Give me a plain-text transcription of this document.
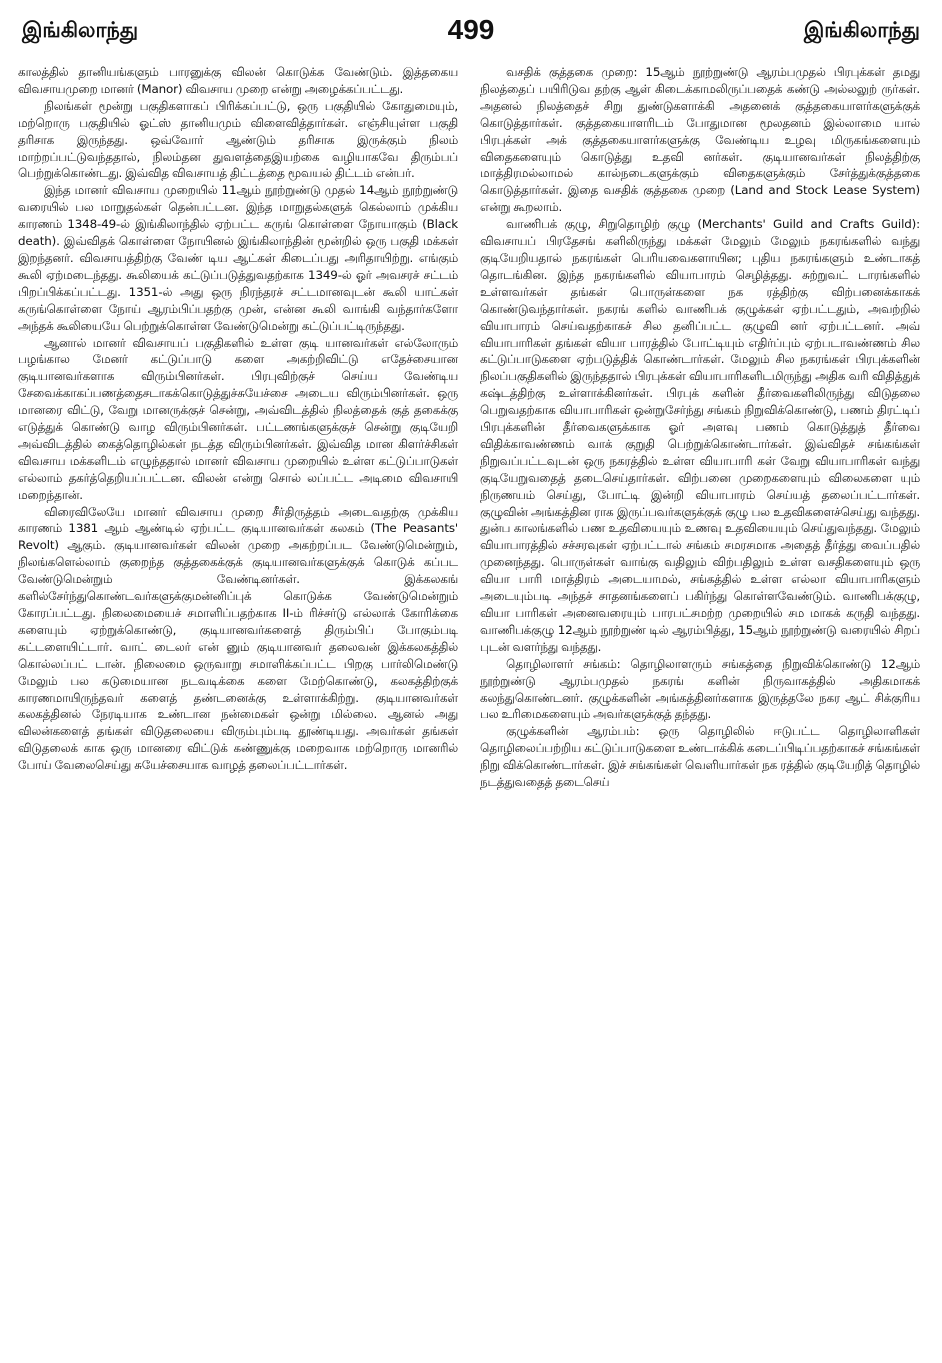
இங்கிலாந்து	499	இங்கிலாந்து

காலத்தில் தானியங்களும் பாரனுக்கு விலன் கொடுக்க வேண்டும். இத்தகைய விவசாயமுறை மானர் (Manor) விவசாய முறை என்று அழைக்கப்பட்டது.

நிலங்கள் மூன்று பகுதிகளாகப் பிரிக்கப்பட்டு, ஒரு பகுதியில் கோதுமையும், மற்றொரு பகுதியில் ஓட்ஸ் தானியமும் விளைவித்தார்கள். எஞ்சியுள்ள பகுதி தரிசாக இருந்தது. ஒவ்வோர் ஆண்டும் தரிசாக இருக்கும் நிலம் மாற்றப்பட்டுவந்ததால், நிலம்தன துவளத்தைஇயற்கை வழியாகவே திரும்பப் பெற்றுக்கொண்டது. இவ்வித விவசாயத் திட்டத்தை மூவயல் திட்டம் என்பர்.

இந்த மானர் விவசாய முறையில் 11ஆம் நூற்றுண்டு முதல் 14ஆம் நூற்றுண்டு வரையில் பல மாறுதல்கள் தென்பட்டன. இந்த மாறுதல்களுக் கெல்லாம் முக்கிய காரணம் 1348-49-ல் இங்கிலாந்தில் ஏற்பட்ட கருங் கொள்ளை நோயாகும் (Black death). இவ்விதக் கொள்ளை நோயினல் இங்கிலாந்தின் மூன்றில் ஒரு பகுதி மக்கள் இறந்தனர். விவசாயத்திற்கு வேண் டிய ஆட்கள் கிடைப்பது அரிதாயிற்று. எங்கும் கூலி ஏற்மடைந்தது. கூலியைக் கட்டுப்படுத்துவதற்காக 1349-ல் ஓர் அவசரச் சட்டம் பிறப்பிக்கப்பட்டது. 1351-ல் அது ஒரு நிரந்தரச் சட்டமானவுடன் கூலி யாட்கள் கருங்கொள்ளை நோய் ஆரம்பிப்பதற்கு முன், என்ன கூலி வாங்கி வந்தார்களோ அந்தக் கூலியையே பெற்றுக்கொள்ள வேண்டுமென்று கட்டுப்பட்டிருந்தது.

ஆனால் மானர் விவசாயப் பகுதிகளில் உள்ள குடி யானவர்கள் எல்லோரும் பழங்கால மேனர் கட்டுப்பாடு களை அகற்றிவிட்டு எதேச்சையான குடியானவர்களாக விரும்பினர்கள். பிரபுவிற்குச் செய்ய வேண்டிய சேவைக்காகப்பணத்தைசடாகக்கொடுத்துச்சுயேச்சை அடைய விரும்பினர்கள். ஒரு மானரை விட்டு, வேறு மானருக்குச் சென்று, அவ்விடத்தில் நிலத்தைக் குத் தகைக்கு எடுத்துக் கொண்டு வாழ விரும்பினர்கள். பட்டணங்களுக்குச் சென்று குடியேறி அவ்விடத்தில் கைத்தொழில்கள் நடத்த விரும்பினர்கள். இவ்வித மான கிளர்ச்சிகள் விவசாய மக்களிடம் எழுந்ததால் மானர் விவசாய முறையில் உள்ள கட்டுப்பாடுகள் எல்லாம் தகர்த்தெறியப்பட்டன. விலன் என்று சொல் லப்பட்ட அடிமை விவசாயி மறைந்தான்.

விரைவிலேயே மானர் விவசாய முறை சீர்திருத்தம் அடைவதற்கு முக்கிய காரணம் 1381 ஆம் ஆண்டில் ஏற்பட்ட குடியானவர்கள் கலகம் (The Peasants' Revolt) ஆகும். குடியானவர்கள் விலன் முறை அகற்றப்பட வேண்டுமென்றும், நிலங்களெல்லாம் குறைந்த குத்தகைக்குக் குடியானவர்களுக்குக் கொடுக் கப்பட வேண்டுமென்றும் வேண்டினர்கள். இக்கலகங் களில்சேர்ந்துகொண்டவர்களுக்குமன்னிப்புக் கொடுக்க வேண்டுமென்றும் கோரப்பட்டது. நிலைமையைச் சமாளிப்பதற்காக II-ம் ரிச்சர்டு எல்லாக் கோரிக்கை களையும் ஏற்றுக்கொண்டு, குடியானவர்களைத் திரும்பிப் போகும்படி கட்டளையிட்டார். வாட் டைலர் என் னும் குடியானவர் தலைவன் இக்கலகத்தில் கொல்லப்பட் டான். நிலைமை ஒருவாறு சமாளிக்கப்பட்ட பிறகு பார்லிமெண்டு மேலும் பல கடுமையான நடவடிக்கை களை மேற்கொண்டு, கலகத்திற்குக் காரணமாயிருந்தவர் களைத் தண்டனைக்கு உள்ளாக்கிற்று. குடியானவர்கள் கலகத்தினல் நேரடியாக உண்டான நன்மைகள் ஒன்று மில்லை. ஆனல் அது விலன்களைத் தங்கள் விடுதலையை விரும்பும்படி தூண்டியது. அவர்கள் தங்கள் விடுதலைக் காக ஒரு மானரை விட்டுக் கண்ணுக்கு மறைவாக மற்றொரு மானரில் போய் வேலைசெய்து சுயேச்சையாக வாழத் தலைப்பட்டார்கள்.

வசதிக் குத்தகை முறை: 15ஆம் நூற்றுண்டு ஆரம்பமுதல் பிரபுக்கள் தமது நிலத்தைப் பயிரிடுவ தற்கு ஆள் கிடைக்காமலிருப்பதைக் கண்டு அல்லலுற் ருர்கள். அதனல் நிலத்தைச் சிறு துண்டுகளாக்கி அதனைக் குத்தகையாளர்களுக்குக் கொடுத்தார்கள். குத்தகையாளரிடம் போதுமான மூலதனம் இல்லாமை யால் பிரபுக்கள் அக் குத்தகையாளர்களுக்கு வேண்டிய உழவு மிருகங்களையும் விதைகளையும் கொடுத்து உதவி னர்கள். குடியானவர்கள் நிலத்திற்கு மாத்திரமல்லாமல் கால்நடைகளுக்கும் விதைகளுக்கும் சேர்த்துக்குத்தகை கொடுத்தார்கள். இதை வசதிக் குத்தகை முறை (Land and Stock Lease System) என்று கூறலாம்.

வாணிபக் குழு, சிறுதொழிற் குழு (Merchants' Guild and Crafts Guild): விவசாயப் பிரதேசங் களிலிருந்து மக்கள் மேலும் மேலும் நகரங்களில் வந்து குடியேறியதால் நகரங்கள் பெரியவைகளாயின; புதிய நகரங்களும் உண்டாகத் தொடங்கின. இந்த நகரங்களில் வியாபாரம் செழித்தது. சுற்றுவட் டாரங்களில் உள்ளவர்கள் தங்கள் பொருள்களை நக ரத்திற்கு விற்பனைக்காகக் கொண்டுவந்தார்கள். நகரங் களில் வாணிபக் குழுக்கள் ஏற்பட்டதும், அவற்றில் வியாபாரம் செய்வதற்காகச் சில தனிப்பட்ட குழுவி னர் ஏற்பட்டனர். அவ் வியாபாரிகள் தங்கள் வியா பாரத்தில் போட்டியும் எதிர்ப்பும் ஏற்படாவண்ணம் சில கட்டுப்பாடுகளை ஏற்படுத்திக் கொண்டார்கள். மேலும் சில நகரங்கள் பிரபுக்களின் நிலப்பகுதிகளில் இருந்ததால் பிரபுக்கள் வியாபாரிகளிடமிருந்து அதிக வரி விதித்துக் கஷ்டத்திற்கு உள்ளாக்கினர்கள். பிரபுக் களின் தீர்வைகளிலிருந்து விடுதலை பெறுவதற்காக வியாபாரிகள் ஒன்றுசேர்ந்து சங்கம் நிறுவிக்கொண்டு, பணம் திரட்டிப் பிரபுக்களின் தீர்வைகளுக்காக ஓர் அளவு பணம் கொடுத்துத் தீர்வை விதிக்காவண்ணம் வாக் குறுதி பெற்றுக்கொண்டார்கள். இவ்விதச் சங்கங்கள் நிறுவப்பட்டவுடன் ஒரு நகரத்தில் உள்ள வியாபாரி கள் வேறு வியாபாரிகள் வந்து குடியேறுவதைத் தடைசெய்தார்கள். விற்பனை முறைகளையும் விலைகளை யும் நிருணயம் செய்து, போட்டி இன்றி வியாபாரம் செய்யத் தலைப்பட்டார்கள். குழுவின் அங்கத்தின ராக இருப்பவர்களுக்குக் குழு பல உதவிகளைச்செய்து வந்தது. துன்ப காலங்களில் பண உதவியையும் உணவு உதவியையும் செய்துவந்தது. மேலும் வியாபாரத்தில் சச்சரவுகள் ஏற்பட்டால் சங்கம் சமரசமாக அதைத் தீர்த்து வைப்பதில் முனைந்தது. பொருள்கள் வாங்கு வதிலும் விற்பதிலும் உள்ள வசதிகளையும் ஒரு வியா பாரி மாத்திரம் அடையாமல், சங்கத்தில் உள்ள எல்லா வியாபாரிகளும் அடையும்படி அந்தச் சாதனங்களைப் பகிர்ந்து கொள்ளவேண்டும். வாணிபக்குழு, வியா பாரிகள் அனைவரையும் பாரபட்சமற்ற முறையில் சம மாகக் கருதி வந்தது. வாணிபக்குழு 12ஆம் நூற்றுண் டில் ஆரம்பித்து, 15ஆம் நூற்றுண்டு வரையில் சிறப் புடன் வளர்ந்து வந்தது.

தொழிலாளர் சங்கம்: தொழிலாளரும் சங்கத்தை நிறுவிக்கொண்டு 12ஆம் நூற்றுண்டு ஆரம்பமுதல் நகரங் களின் நிருவாகத்தில் அதிகமாகக் கலந்துகொண்டனர். குழுக்களின் அங்கத்தினர்களாக இருத்தலே நகர ஆட் சிக்குரிய பல உரிமைகளையும் அவர்களுக்குத் தந்தது.

குழுக்களின் ஆரம்பம்: ஒரு தொழிலில் ஈடுபட்ட தொழிலாளிகள் தொழிலைப்பற்றிய கட்டுப்பாடுகளை உண்டாக்கிக் கடைப்பிடிப்பதற்காகச் சங்கங்கள் நிறு விக்கொண்டார்கள். இச் சங்கங்கள் வெளியார்கள் நக ரத்தில் குடியேறித் தொழில் நடத்துவதைத் தடைசெய்
